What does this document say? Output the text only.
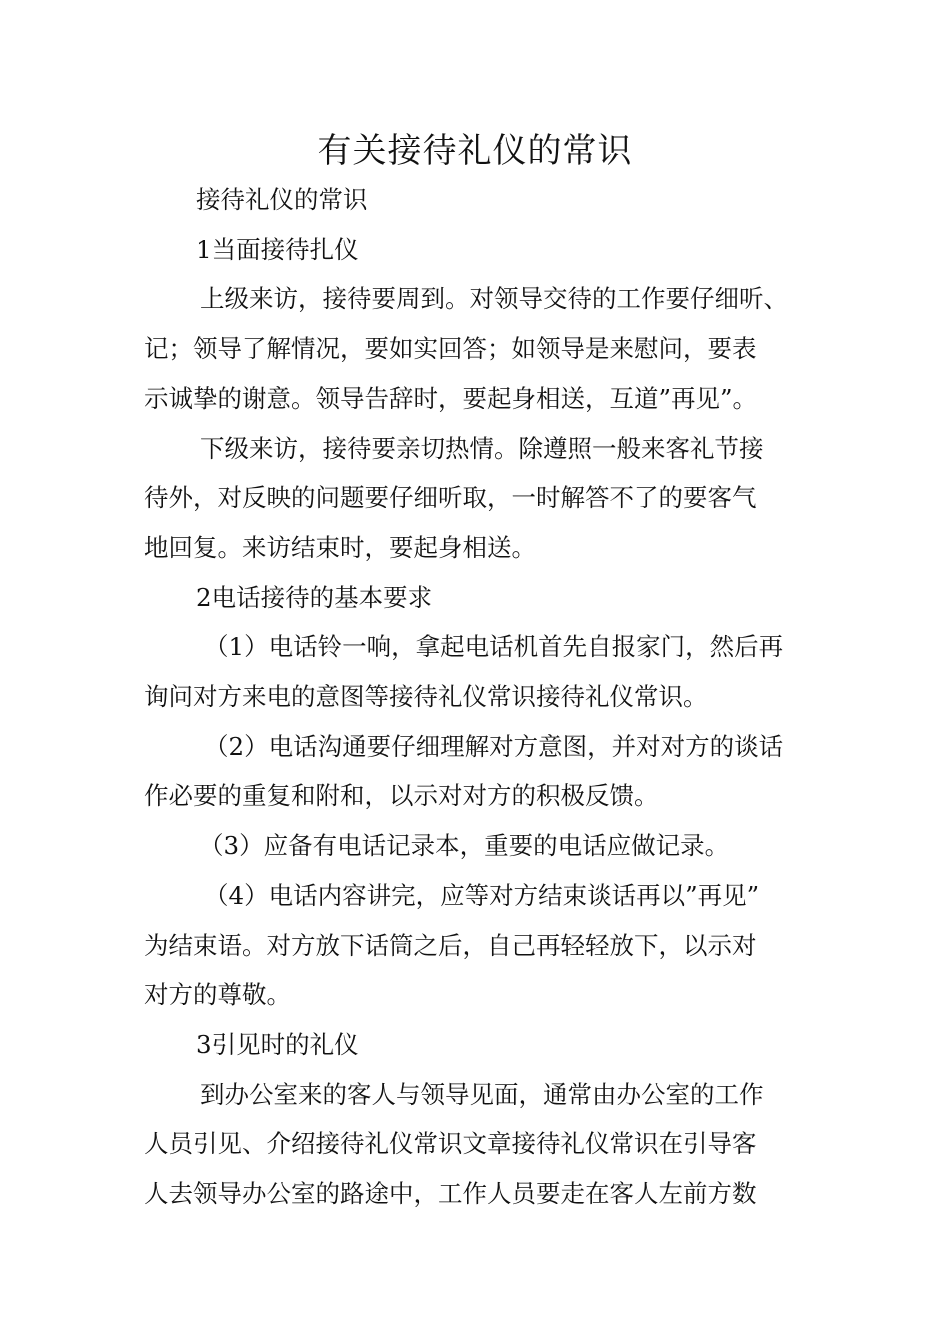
有关接待礼仪的常识
接待礼仪的常识
1当面接待扎仪
上级来访，接待要周到。对领导交待的工作要仔细听、
记；领导了解情况，要如实回答；如领导是来慰问，要表
示诚挚的谢意。领导告辞时，要起身相送，互道”再见”。
下级来访，接待要亲切热情。除遵照一般来客礼节接
待外，对反映的问题要仔细听取，一时解答不了的要客气
地回复。来访结束时，要起身相送。
2电话接待的基本要求
（1）电话铃一响，拿起电话机首先自报家门，然后再
询问对方来电的意图等接待礼仪常识接待礼仪常识。
（2）电话沟通要仔细理解对方意图，并对对方的谈话
作必要的重复和附和，以示对对方的积极反馈。
（3）应备有电话记录本，重要的电话应做记录。
（4）电话内容讲完，应等对方结束谈话再以”再见”
为结束语。对方放下话筒之后，自己再轻轻放下，以示对
对方的尊敬。
3引见时的礼仪
到办公室来的客人与领导见面，通常由办公室的工作
人员引见、介绍接待礼仪常识文章接待礼仪常识在引导客
人去领导办公室的路途中，工作人员要走在客人左前方数
